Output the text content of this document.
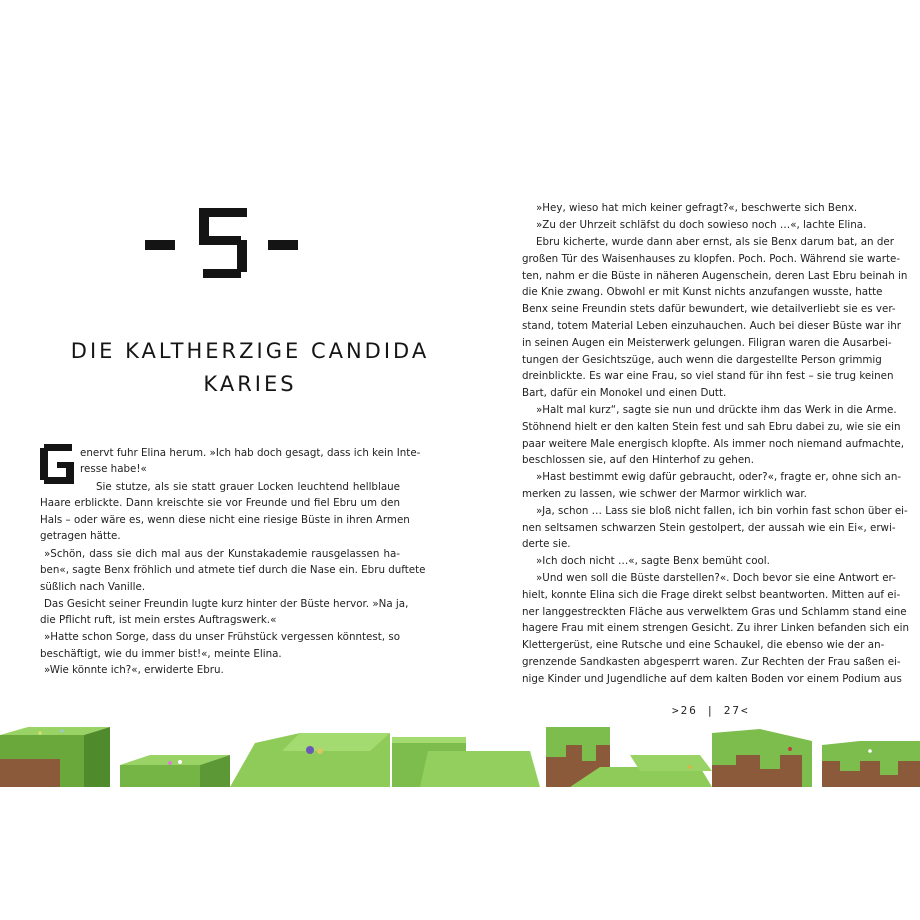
DIE KALTHERZIGE CANDIDA
KARIES
enervt fuhr Elina herum. »Ich hab doch gesagt, dass ich kein Inte-
resse habe!«
Sie stutze, als sie statt grauer Locken leuchtend hellblaue
Haare erblickte. Dann kreischte sie vor Freunde und fiel Ebru um den
Hals – oder wäre es, wenn diese nicht eine riesige Büste in ihren Armen
getragen hätte.
»Schön, dass sie dich mal aus der Kunstakademie rausgelassen ha-
ben«, sagte Benx fröhlich und atmete tief durch die Nase ein. Ebru duftete
süßlich nach Vanille.
Das Gesicht seiner Freundin lugte kurz hinter der Büste hervor. »Na ja,
die Pflicht ruft, ist mein erstes Auftragswerk.«
»Hatte schon Sorge, dass du unser Frühstück vergessen könntest, so
beschäftigt, wie du immer bist!«, meinte Elina.
»Wie könnte ich?«, erwiderte Ebru.
»Hey, wieso hat mich keiner gefragt?«, beschwerte sich Benx.
»Zu der Uhrzeit schläfst du doch sowieso noch …«, lachte Elina.
Ebru kicherte, wurde dann aber ernst, als sie Benx darum bat, an der
großen Tür des Waisenhauses zu klopfen. Poch. Poch. Während sie warte-
ten, nahm er die Büste in näheren Augenschein, deren Last Ebru beinah in
die Knie zwang. Obwohl er mit Kunst nichts anzufangen wusste, hatte
Benx seine Freundin stets dafür bewundert, wie detailverliebt sie es ver-
stand, totem Material Leben einzuhauchen. Auch bei dieser Büste war ihr
in seinen Augen ein Meisterwerk gelungen. Filigran waren die Ausarbei-
tungen der Gesichtszüge, auch wenn die dargestellte Person grimmig
dreinblickte. Es war eine Frau, so viel stand für ihn fest – sie trug keinen
Bart, dafür ein Monokel und einen Dutt.
»Halt mal kurz“, sagte sie nun und drückte ihm das Werk in die Arme.
Stöhnend hielt er den kalten Stein fest und sah Ebru dabei zu, wie sie ein
paar weitere Male energisch klopfte. Als immer noch niemand aufmachte,
beschlossen sie, auf den Hinterhof zu gehen.
»Hast bestimmt ewig dafür gebraucht, oder?«, fragte er, ohne sich an-
merken zu lassen, wie schwer der Marmor wirklich war.
»Ja, schon … Lass sie bloß nicht fallen, ich bin vorhin fast schon über ei-
nen seltsamen schwarzen Stein gestolpert, der aussah wie ein Ei«, erwi-
derte sie.
»Ich doch nicht …«, sagte Benx bemüht cool.
»Und wen soll die Büste darstellen?«. Doch bevor sie eine Antwort er-
hielt, konnte Elina sich die Frage direkt selbst beantworten. Mitten auf ei-
ner langgestreckten Fläche aus verwelktem Gras und Schlamm stand eine
hagere Frau mit einem strengen Gesicht. Zu ihrer Linken befanden sich ein
Klettergerüst, eine Rutsche und eine Schaukel, die ebenso wie der an-
grenzende Sandkasten abgesperrt waren. Zur Rechten der Frau saßen ei-
nige Kinder und Jugendliche auf dem kalten Boden vor einem Podium aus
>26 | 27<
